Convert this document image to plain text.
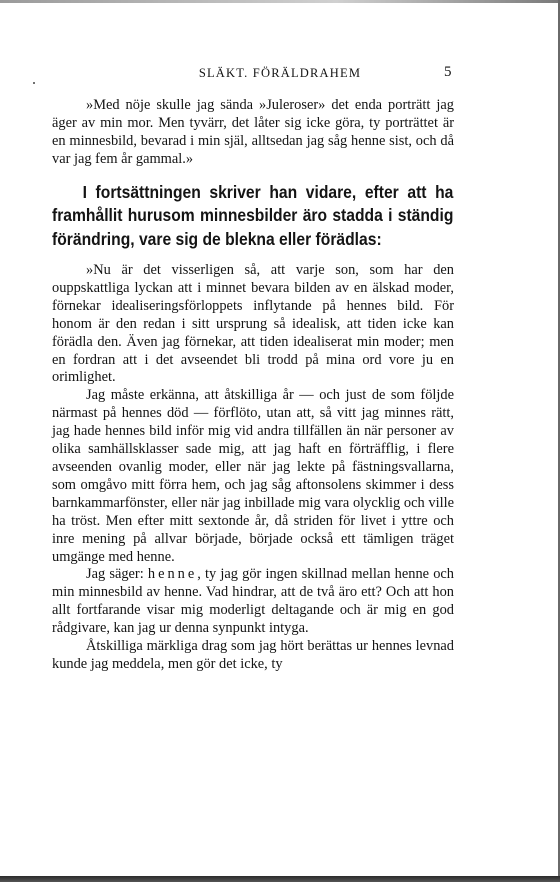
SLÄKT. FÖRÄLDRAHEM	5

»Med nöje skulle jag sända »Juleroser» det enda porträtt jag äger av min mor. Men tyvärr, det låter sig icke göra, ty porträttet är en minnesbild, bevarad i min själ, alltsedan jag såg henne sist, och då var jag fem år gammal.»

I fortsättningen skriver han vidare, efter att ha framhållit hurusom minnesbilder äro stadda i ständig förändring, vare sig de blekna eller förädlas:

»Nu är det visserligen så, att varje son, som har den ouppskattliga lyckan att i minnet bevara bilden av en älskad moder, förnekar idealiseringsförloppets inflytande på hennes bild. För honom är den redan i sitt ursprung så idealisk, att tiden icke kan förädla den. Även jag förnekar, att tiden idealiserat min moder; men en fordran att i det avseendet bli trodd på mina ord vore ju en orimlighet.

Jag måste erkänna, att åtskilliga år — och just de som följde närmast på hennes död — förflöto, utan att, så vitt jag minnes rätt, jag hade hennes bild inför mig vid andra tillfällen än när personer av olika samhällsklasser sade mig, att jag haft en förträfflig, i flere avseenden ovanlig moder, eller när jag lekte på fästningsvallarna, som omgåvo mitt förra hem, och jag såg aftonsolens skimmer i dess barnkammarfönster, eller när jag inbillade mig vara olycklig och ville ha tröst. Men efter mitt sextonde år, då striden för livet i yttre och inre mening på allvar började, började också ett tämligen träget umgänge med henne.

Jag säger: henne, ty jag gör ingen skillnad mellan henne och min minnesbild av henne. Vad hindrar, att de två äro ett? Och att hon allt fortfarande visar mig moderligt deltagande och är mig en god rådgivare, kan jag ur denna synpunkt intyga.

Åtskilliga märkliga drag som jag hört berättas ur hennes levnad kunde jag meddela, men gör det icke, ty
